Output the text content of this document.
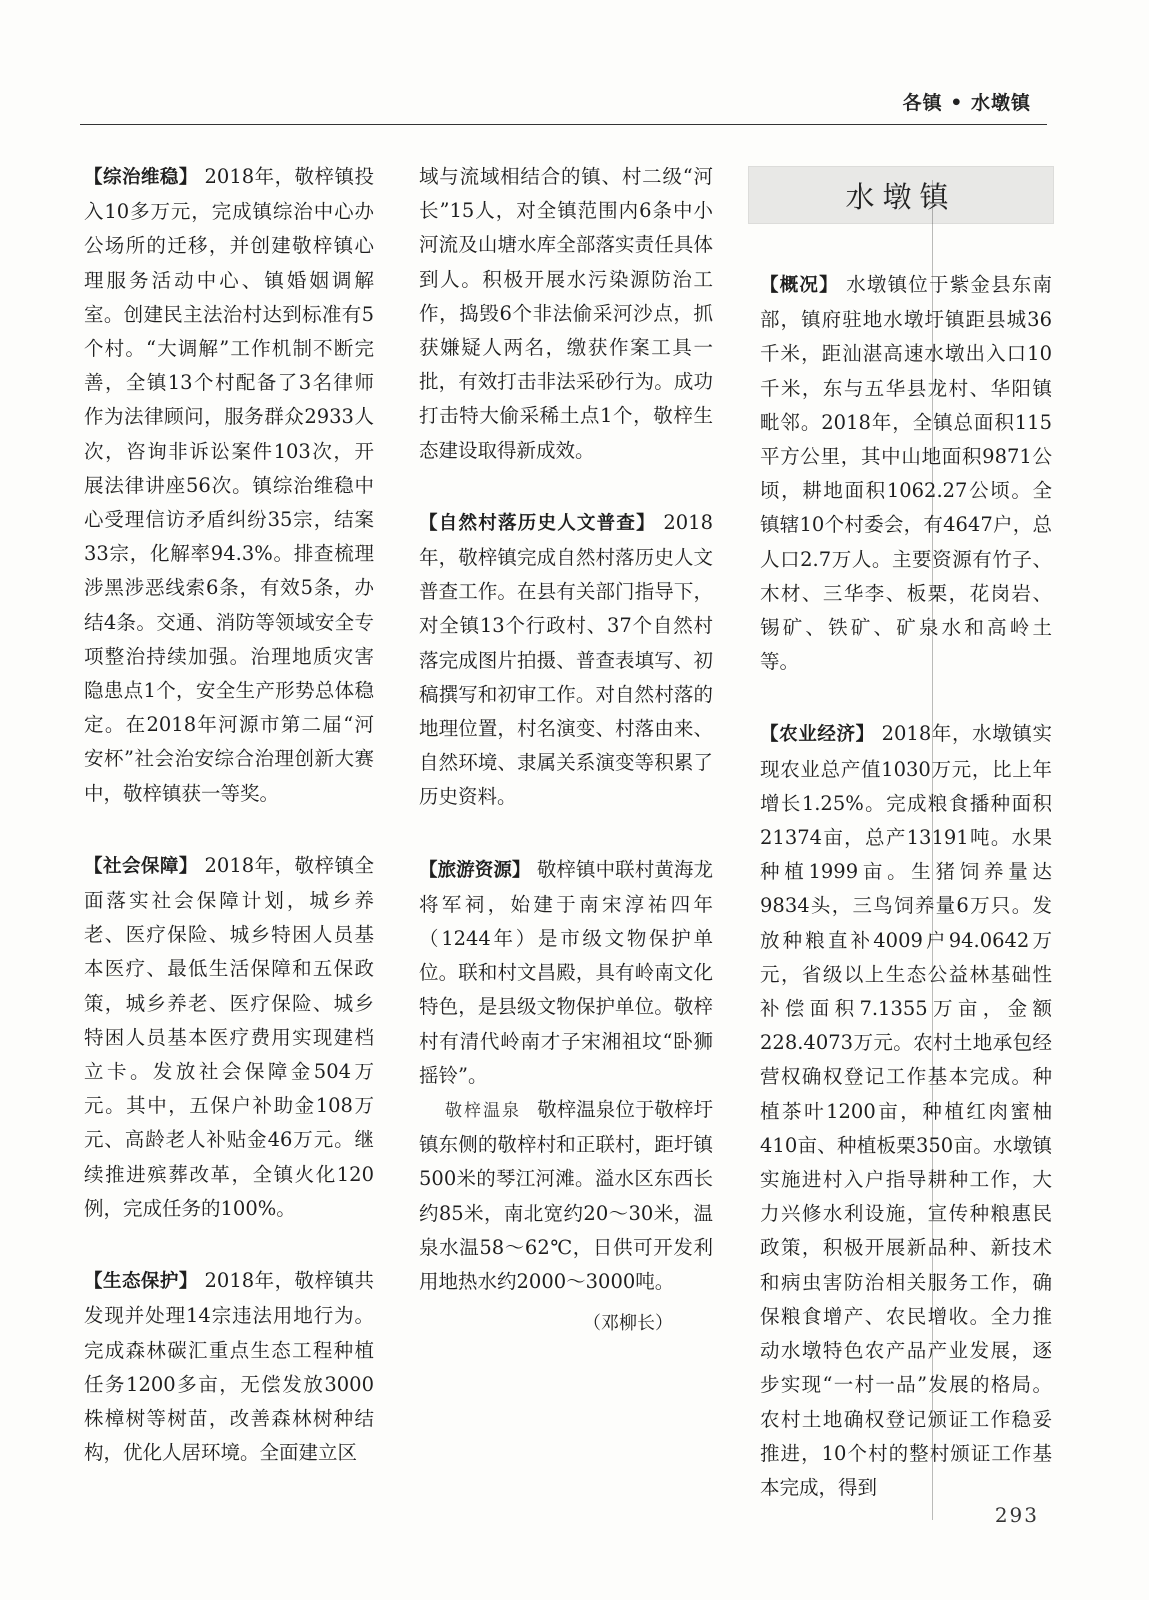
各镇 • 水墩镇

【综治维稳】 2018年，敬梓镇投入10多万元，完成镇综治中心办公场所的迁移，并创建敬梓镇心理服务活动中心、镇婚姻调解室。创建民主法治村达到标准有5个村。“大调解”工作机制不断完善，全镇13个村配备了3名律师作为法律顾问，服务群众2933人次，咨询非诉讼案件103次，开展法律讲座56次。镇综治维稳中心受理信访矛盾纠纷35宗，结案33宗，化解率94.3%。排查梳理涉黑涉恶线索6条，有效5条，办结4条。交通、消防等领域安全专项整治持续加强。治理地质灾害隐患点1个，安全生产形势总体稳定。在2018年河源市第二届“河安杯”社会治安综合治理创新大赛中，敬梓镇获一等奖。

【社会保障】 2018年，敬梓镇全面落实社会保障计划，城乡养老、医疗保险、城乡特困人员基本医疗、最低生活保障和五保政策，城乡养老、医疗保险、城乡特困人员基本医疗费用实现建档立卡。发放社会保障金504万元。其中，五保户补助金108万元、高龄老人补贴金46万元。继续推进殡葬改革，全镇火化120例，完成任务的100%。

【生态保护】 2018年，敬梓镇共发现并处理14宗违法用地行为。完成森林碳汇重点生态工程种植任务1200多亩，无偿发放3000株樟树等树苗，改善森林树种结构，优化人居环境。全面建立区

域与流域相结合的镇、村二级“河长”15人，对全镇范围内6条中小河流及山塘水库全部落实责任具体到人。积极开展水污染源防治工作，捣毁6个非法偷采河沙点，抓获嫌疑人两名，缴获作案工具一批，有效打击非法采砂行为。成功打击特大偷采稀土点1个，敬梓生态建设取得新成效。

【自然村落历史人文普查】 2018年，敬梓镇完成自然村落历史人文普查工作。在县有关部门指导下，对全镇13个行政村、37个自然村落完成图片拍摄、普查表填写、初稿撰写和初审工作。对自然村落的地理位置，村名演变、村落由来、自然环境、隶属关系演变等积累了历史资料。

【旅游资源】 敬梓镇中联村黄海龙将军祠，始建于南宋淳祐四年（1244年）是市级文物保护单位。联和村文昌殿，具有岭南文化特色，是县级文物保护单位。敬梓村有清代岭南才子宋湘祖坟“卧狮摇铃”。

敬梓温泉 敬梓温泉位于敬梓圩镇东侧的敬梓村和正联村，距圩镇500米的琴江河滩。溢水区东西长约85米，南北宽约20～30米，温泉水温58～62℃，日供可开发利用地热水约2000～3000吨。

（邓柳长）
水墩镇

【概况】 水墩镇位于紫金县东南部，镇府驻地水墩圩镇距县城36千米，距汕湛高速水墩出入口10千米，东与五华县龙村、华阳镇毗邻。2018年，全镇总面积115平方公里，其中山地面积9871公顷，耕地面积1062.27公顷。全镇辖10个村委会，有4647户，总人口2.7万人。主要资源有竹子、木材、三华李、板栗，花岗岩、锡矿、铁矿、矿泉水和高岭土等。

【农业经济】 2018年，水墩镇实现农业总产值1030万元，比上年增长1.25%。完成粮食播种面积21374亩，总产13191吨。水果种植1999亩。生猪饲养量达9834头，三鸟饲养量6万只。发放种粮直补4009户94.0642万元，省级以上生态公益林基础性补偿面积7.1355万亩，金额228.4073万元。农村土地承包经营权确权登记工作基本完成。种植茶叶1200亩，种植红肉蜜柚410亩、种植板栗350亩。水墩镇实施进村入户指导耕种工作，大力兴修水利设施，宣传种粮惠民政策，积极开展新品种、新技术和病虫害防治相关服务工作，确保粮食增产、农民增收。全力推动水墩特色农产品产业发展，逐步实现“一村一品”发展的格局。农村土地确权登记颁证工作稳妥推进，10个村的整村颁证工作基本完成，得到

293
